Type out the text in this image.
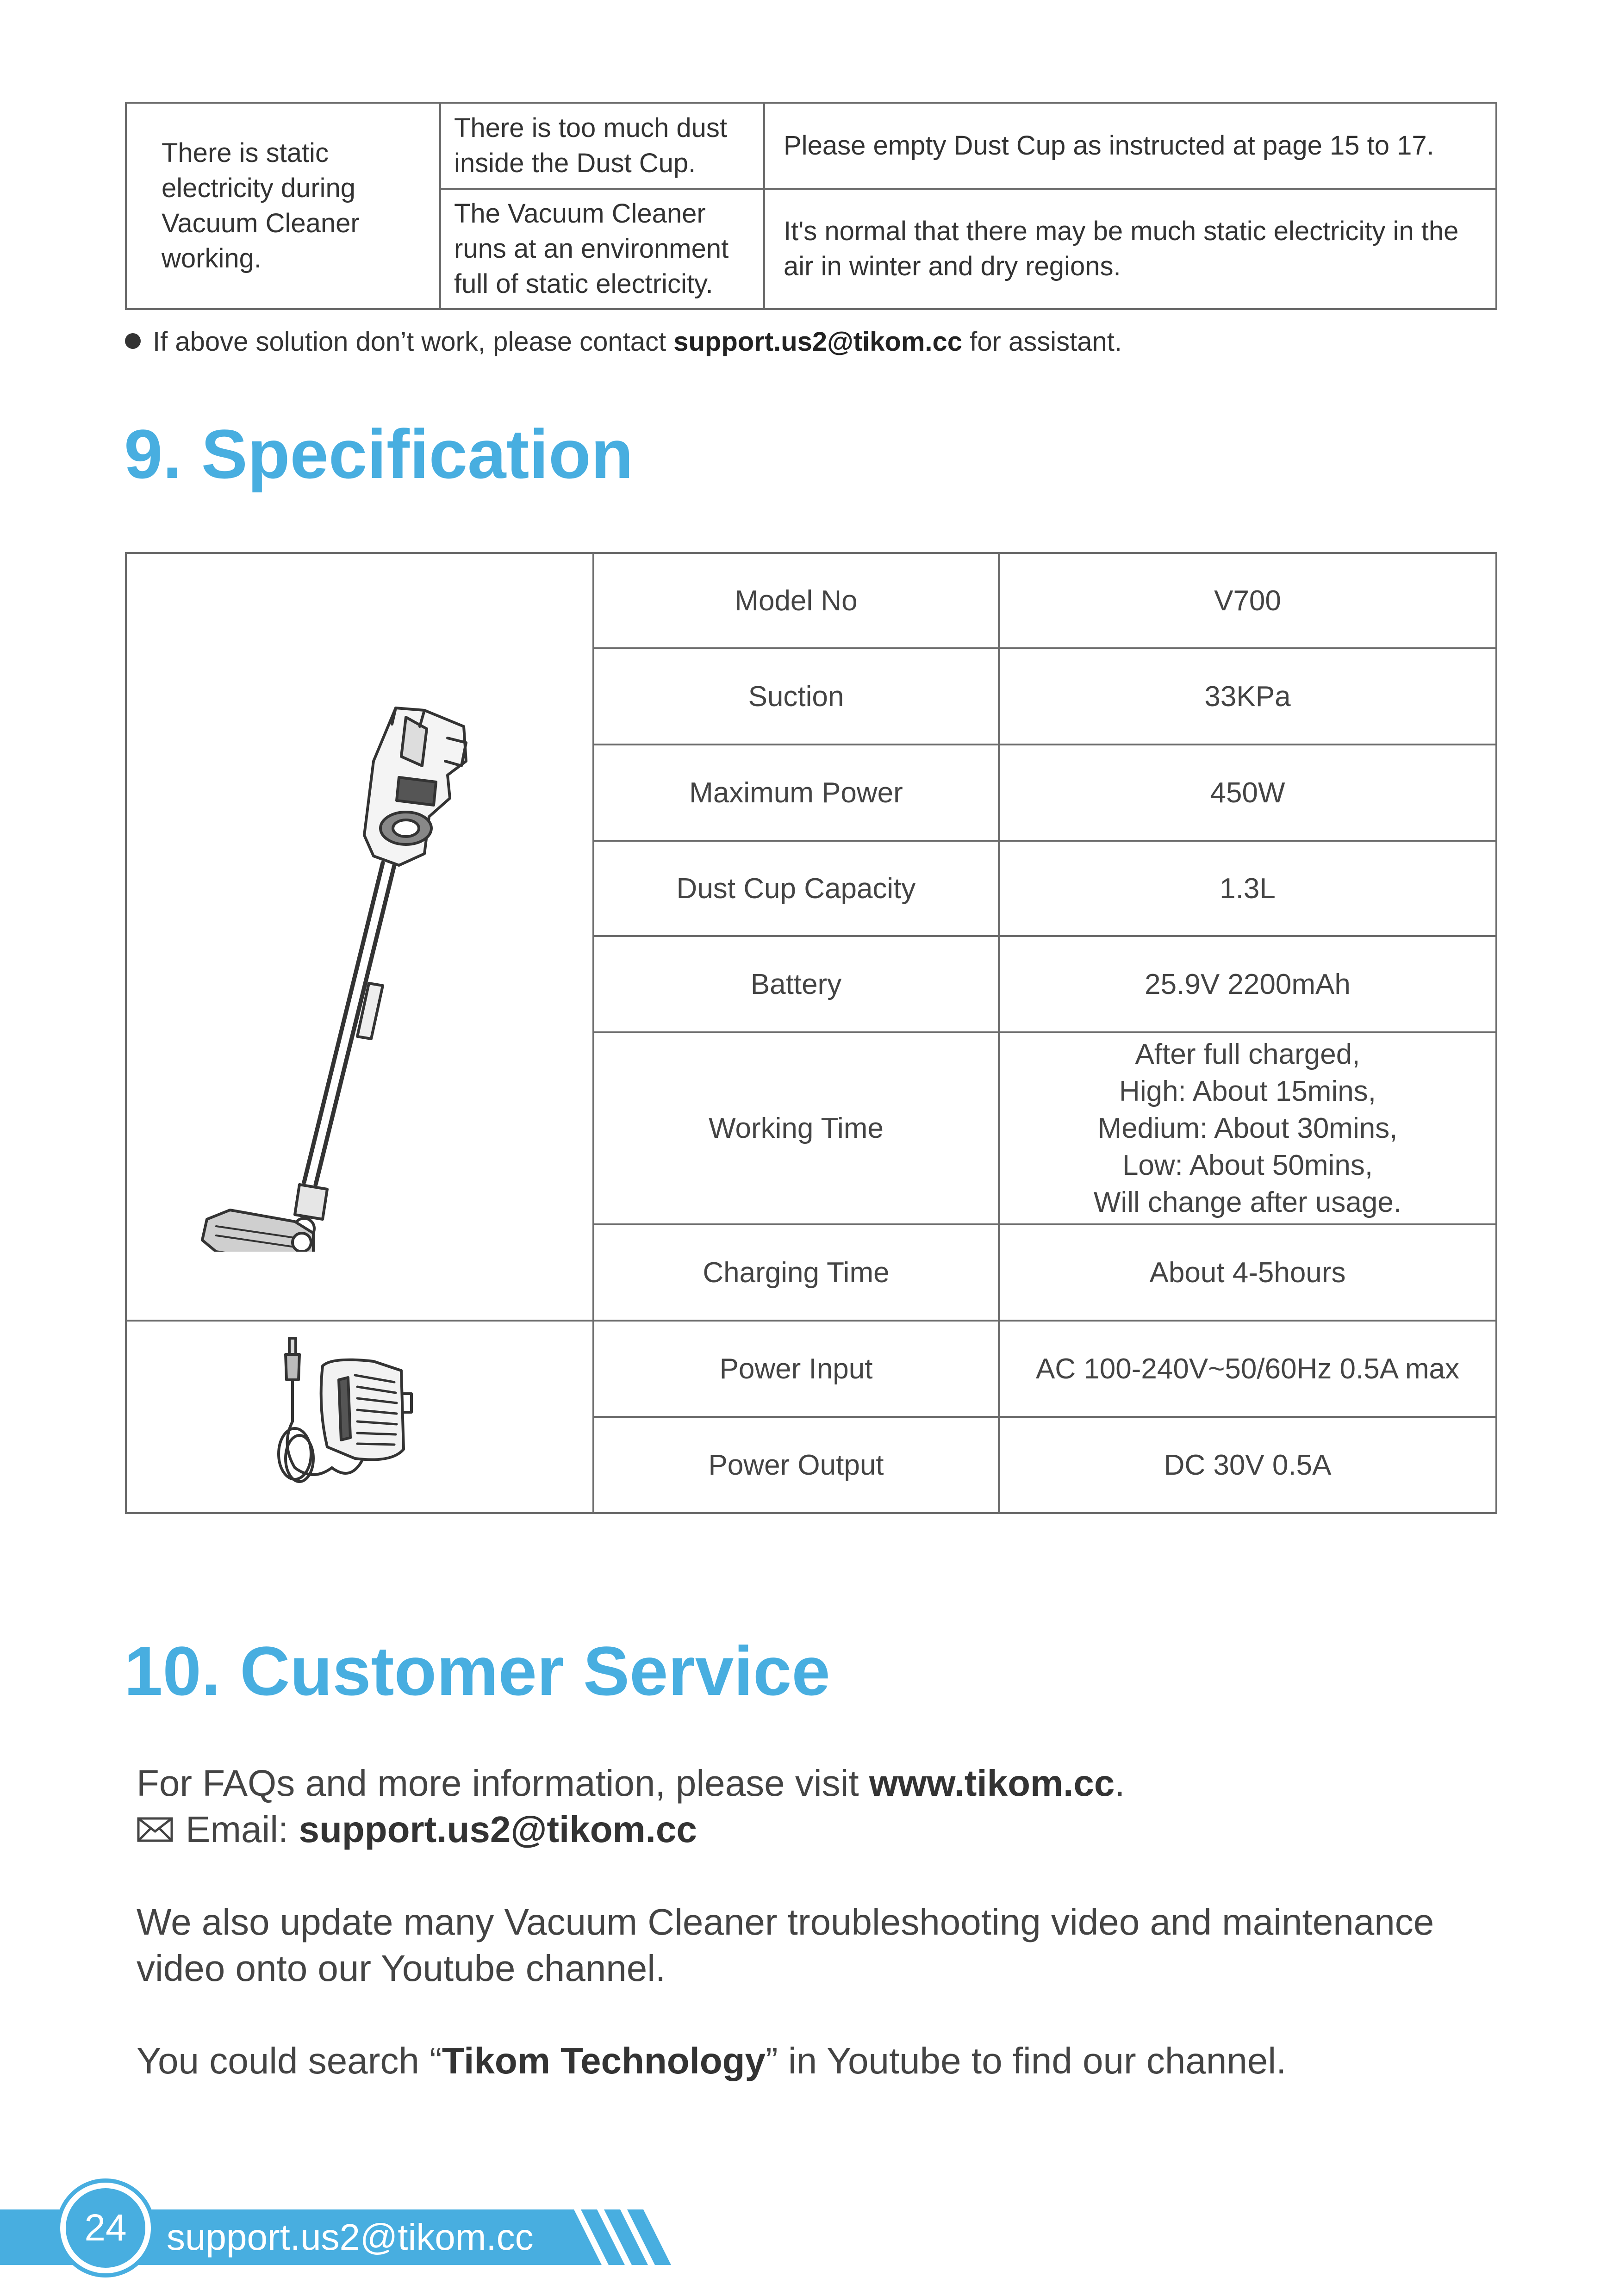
There is static electricity during Vacuum Cleaner working.	There is too much dust inside the Dust Cup.	Please empty Dust Cup as instructed at page 15 to 17.
	The Vacuum Cleaner runs at an environment full of static electricity.	It's normal that there may be much static electricity in the air in winter and dry regions.
If above solution don’t work, please contact support.us2@tikom.cc for assistant.
9. Specification
	Model No	V700
	Suction	33KPa
	Maximum Power	450W
	Dust Cup Capacity	1.3L
	Battery	25.9V 2200mAh
	Working Time	After full charged,
High: About 15mins,
Medium: About 30mins,
Low: About 50mins,
Will change after usage.

	Charging Time	About 4-5hours

	Power Input	AC 100-240V~50/60Hz 0.5A max
	Power Output	DC 30V 0.5A
10. Customer Service
For FAQs and more information, please visit www.tikom.cc.
Email: support.us2@tikom.cc
We also update many Vacuum Cleaner troubleshooting video and maintenance
video onto our Youtube channel.
You could search “Tikom Technology” in Youtube to find our channel.
24	support.us2@tikom.cc
